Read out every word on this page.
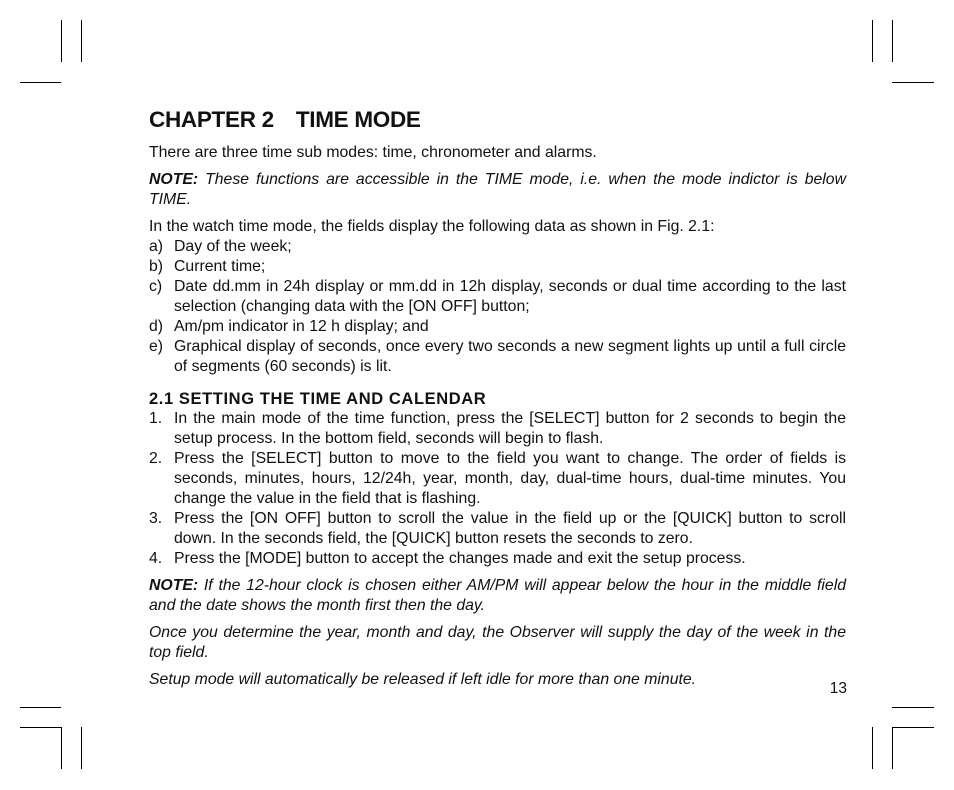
CHAPTER 2 TIME MODE

There are three time sub modes: time, chronometer and alarms.

NOTE: These functions are accessible in the TIME mode, i.e. when the mode indictor is below TIME.

In the watch time mode, the fields display the following data as shown in Fig. 2.1:

a) Day of the week;
b) Current time;
c) Date dd.mm in 24h display or mm.dd in 12h display, seconds or dual time according to the last selection (changing data with the [ON OFF] button;
d) Am/pm indicator in 12 h display; and
e) Graphical display of seconds, once every two seconds a new segment lights up until a full circle of segments (60 seconds) is lit.
2.1 SETTING THE TIME AND CALENDAR
1. In the main mode of the time function, press the [SELECT] button for 2 seconds to begin the setup process. In the bottom field, seconds will begin to flash.
2. Press the [SELECT] button to move to the field you want to change. The order of fields is seconds, minutes, hours, 12/24h, year, month, day, dual-time hours, dual-time minutes. You change the value in the field that is flashing.
3. Press the [ON OFF] button to scroll the value in the field up or the [QUICK] button to scroll down. In the seconds field, the [QUICK] button resets the seconds to zero.
4. Press the [MODE] button to accept the changes made and exit the setup process.

NOTE: If the 12-hour clock is chosen either AM/PM will appear below the hour in the middle field and the date shows the month first then the day.

Once you determine the year, month and day, the Observer will supply the day of the week in the top field.

Setup mode will automatically be released if left idle for more than one minute.

13
